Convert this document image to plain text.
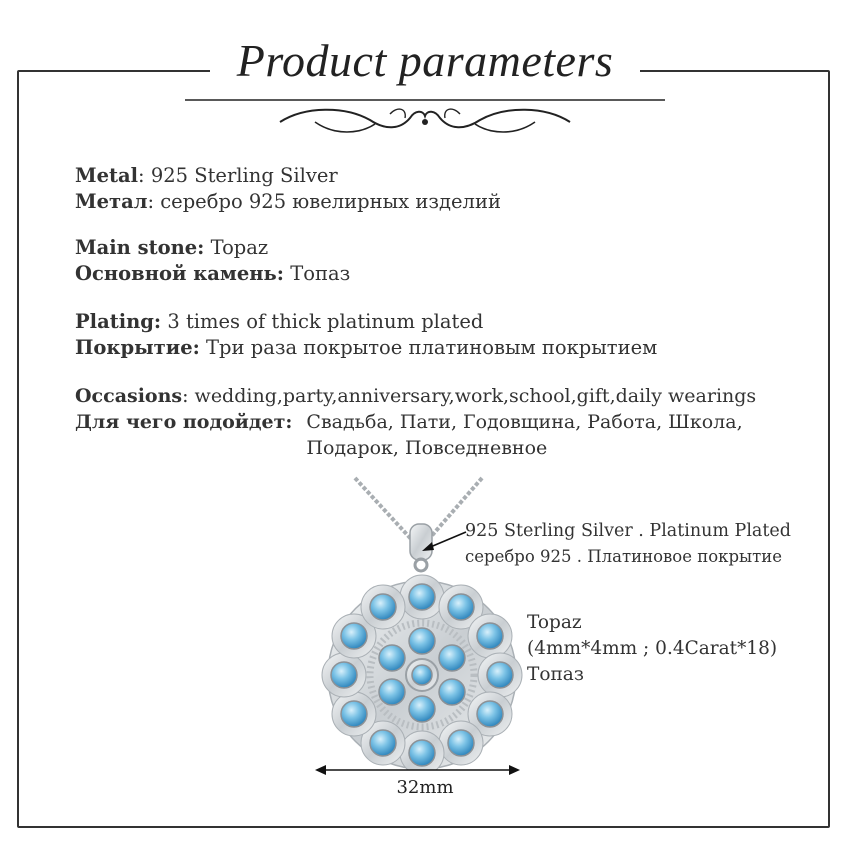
Product parameters
Metal: 925 Sterling Silver
Метал: серебро 925 ювелирных изделий
Main stone: Topaz
Основной камень: Топаз
Plating: 3 times of thick platinum plated
Покрытие: Три раза покрытое платиновым покрытием
Occasions: wedding,party,anniversary,work,school,gift,daily wearings
Для чего подойдет: Свадьба, Пати, Годовщина, Работа, Школа, Подарок, Повседневное
925 Sterling Silver . Platinum Plated
серебро 925 . Платиновое покрытие
Topaz
(4mm*4mm ; 0.4Carat*18)
Топаз
32mm
